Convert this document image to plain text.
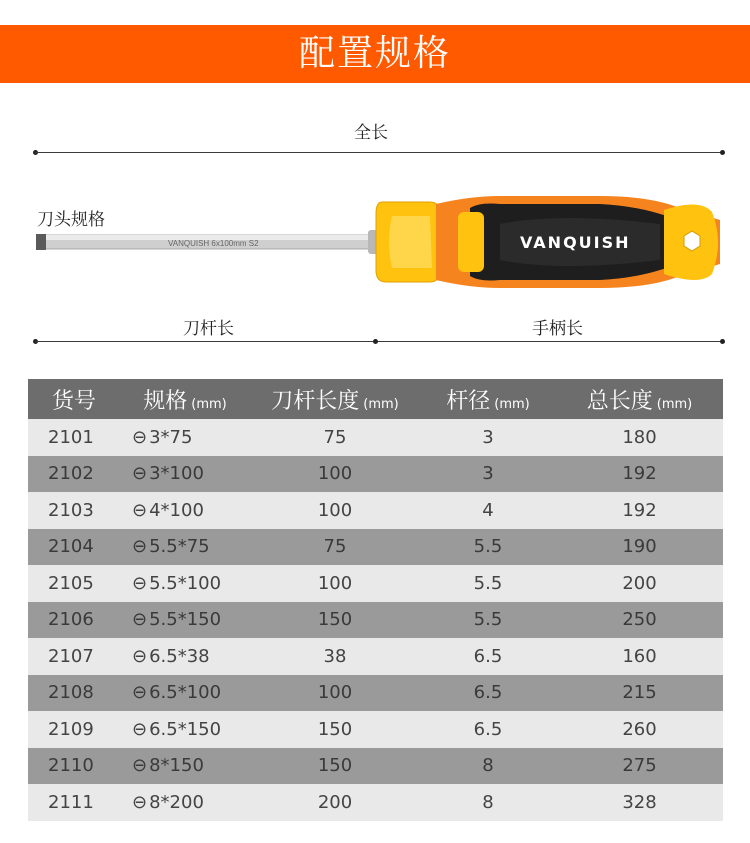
配置规格
全长
刀头规格
VANQUISH 6x100mm S2	VANQUISH
刀杆长	手柄长
货号	规格 (mm)	刀杆长度 (mm)	杆径 (mm)	总长度 (mm)
2101	⊖ 3*75	75	3	180
2102	⊖ 3*100	100	3	192
2103	⊖ 4*100	100	4	192
2104	⊖ 5.5*75	75	5.5	190
2105	⊖ 5.5*100	100	5.5	200
2106	⊖ 5.5*150	150	5.5	250
2107	⊖ 6.5*38	38	6.5	160
2108	⊖ 6.5*100	100	6.5	215
2109	⊖ 6.5*150	150	6.5	260
2110	⊖ 8*150	150	8	275
2111	⊖ 8*200	200	8	328
